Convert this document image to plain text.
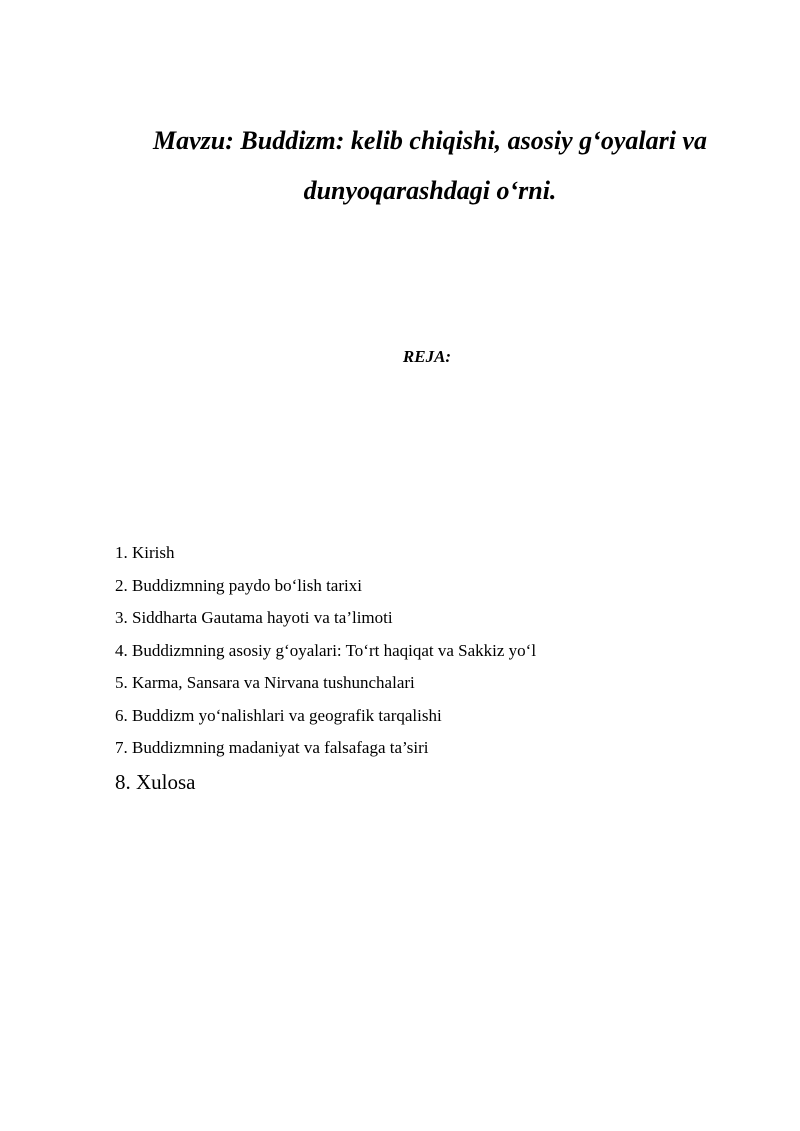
Mavzu: Buddizm: kelib chiqishi, asosiy g‘oyalari va
dunyoqarashdagi o‘rni.
REJA:
1. Kirish
2. Buddizmning paydo bo‘lish tarixi
3. Siddharta Gautama hayoti va ta’limoti
4. Buddizmning asosiy g‘oyalari: To‘rt haqiqat va Sakkiz yo‘l
5. Karma, Sansara va Nirvana tushunchalari
6. Buddizm yo‘nalishlari va geografik tarqalishi
7. Buddizmning madaniyat va falsafaga ta’siri
8. Xulosa
